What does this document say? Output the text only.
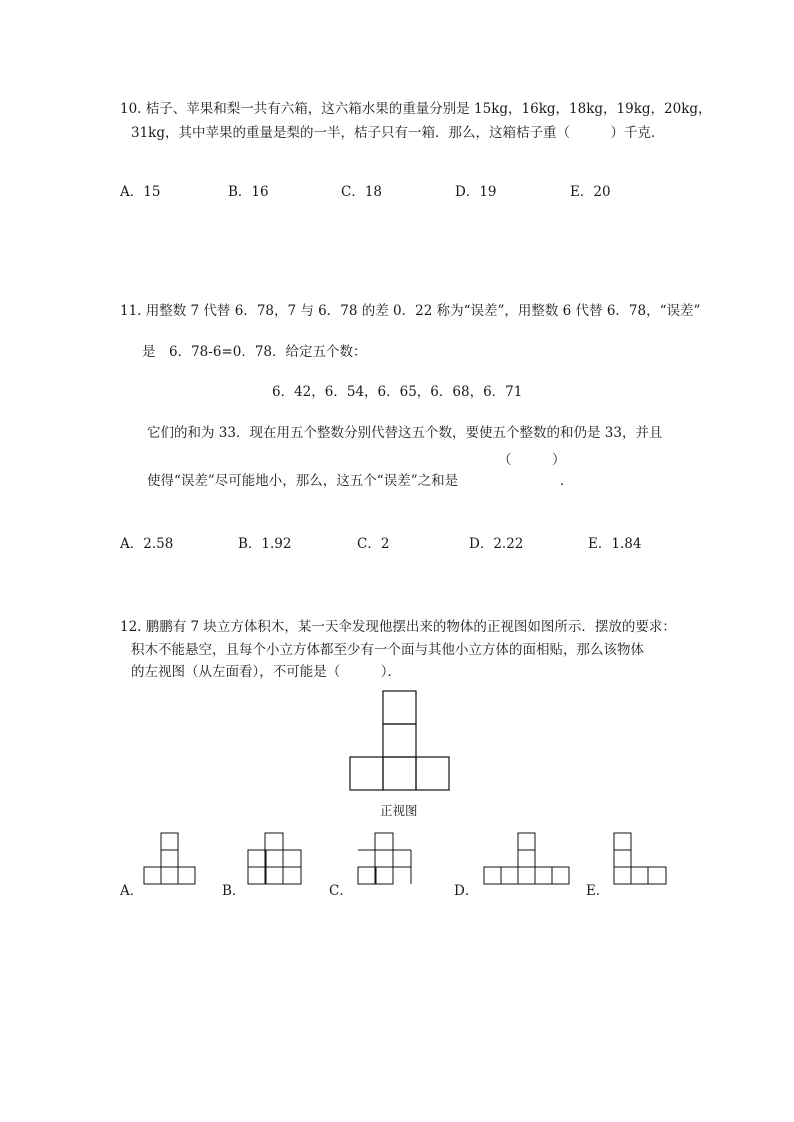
10. 桔子、苹果和梨一共有六箱，这六箱水果的重量分别是 15kg，16kg，18kg，19kg，20kg，
31kg，其中苹果的重量是梨的一半，桔子只有一箱．那么，这箱桔子重（　　　）千克．
A．15	B．16	C．18	D．19	E．20
11. 用整数 7 代替 6．78，7 与 6．78 的差 0．22 称为“误差”，用整数 6 代替 6．78，“误差”
是　6．78-6=0．78．给定五个数：
6．42，6．54，6．65，6．68，6．71
它们的和为 33．现在用五个整数分别代替这五个数，要使五个整数的和仍是 33，并且
（　　　）
使得“误差”尽可能地小，那么，这五个“误差”之和是	．
A．2.58	B．1.92	C．2	D．2.22	E．1.84
12. 鹏鹏有 7 块立方体积木，某一天伞发现他摆出来的物体的正视图如图所示．摆放的要求：
积木不能悬空，且每个小立方体都至少有一个面与其他小立方体的面相贴，那么该物体
的左视图（从左面看），不可能是（　　　）．
正视图
A．	B．	C．	D．	E．
